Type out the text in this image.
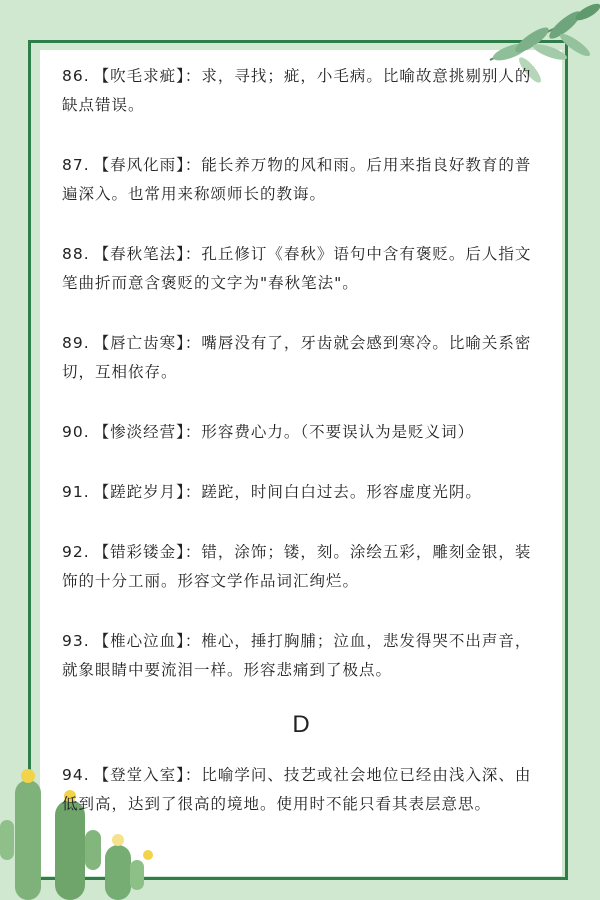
86. 【吹毛求疵】：求，寻找；疵，小毛病。比喻故意挑剔别人的缺点错误。
87. 【春风化雨】：能长养万物的风和雨。后用来指良好教育的普遍深入。也常用来称颂师长的教诲。
88. 【春秋笔法】：孔丘修订《春秋》语句中含有褒贬。后人指文笔曲折而意含褒贬的文字为"春秋笔法"。
89. 【唇亡齿寒】：嘴唇没有了，牙齿就会感到寒冷。比喻关系密切，互相依存。
90. 【惨淡经营】：形容费心力。（不要误认为是贬义词）
91. 【蹉跎岁月】：蹉跎，时间白白过去。形容虚度光阴。
92. 【错彩镂金】：错，涂饰；镂，刻。涂绘五彩，雕刻金银，装饰的十分工丽。形容文学作品词汇绚烂。
93. 【椎心泣血】：椎心，捶打胸脯；泣血，悲发得哭不出声音，就象眼睛中要流泪一样。形容悲痛到了极点。
D
94. 【登堂入室】：比喻学问、技艺或社会地位已经由浅入深、由低到高，达到了很高的境地。使用时不能只看其表层意思。
